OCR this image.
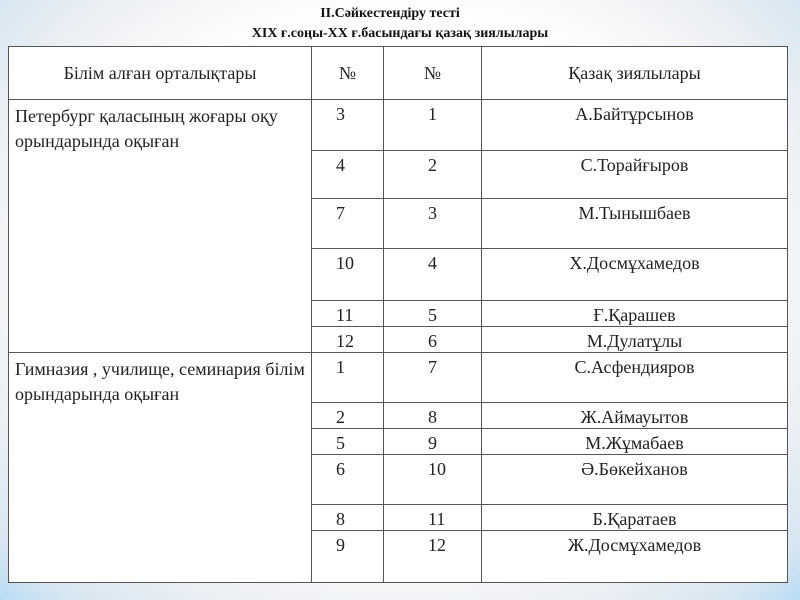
II.Сәйкестендіру тесті
XIX ғ.соңы-XX ғ.басындағы қазақ зиялылары
Білім алған орталықтары	№	№	Қазақ зиялылары
Петербург қаласының жоғары оқу орындарында оқыған	3	1	А.Байтұрсынов
	4	2	С.Торайғыров
	7	3	М.Тынышбаев
	10	4	Х.Досмұхамедов
	11	5	Ғ.Қарашев
	12	6	М.Дулатұлы
Гимназия , училище, семинария білім орындарында оқыған	1	7	С.Асфендияров
	2	8	Ж.Аймауытов
	5	9	М.Жұмабаев
	6	10	Ә.Бөкейханов
	8	11	Б.Қаратаев
	9	12	Ж.Досмұхамедов
